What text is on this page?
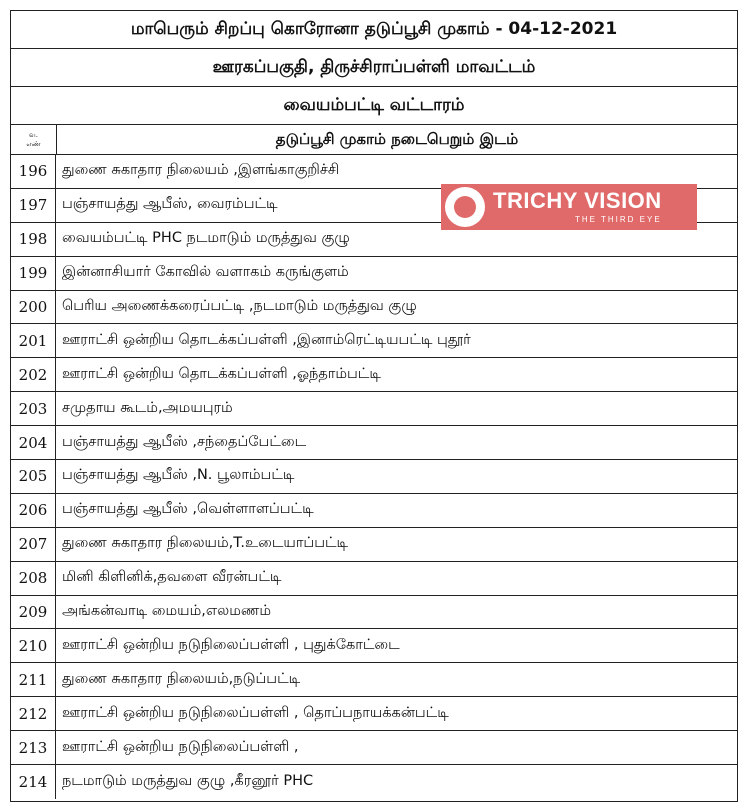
மாபெரும் சிறப்பு கொரோனா தடுப்பூசி முகாம் - 04-12-2021
ஊரகப்பகுதி, திருச்சிராப்பள்ளி மாவட்டம்
வையம்பட்டி வட்டாரம்
வ.
எண்	தடுப்பூசி முகாம் நடைபெறும் இடம்
196	துணை சுகாதார நிலையம் ,இளங்காகுறிச்சி
197	பஞ்சாயத்து ஆபீஸ், வைரம்பட்டி
198	வையம்பட்டி PHC நடமாடும் மருத்துவ குழு
199	இன்னாசியார் கோவில் வளாகம் கருங்குளம்
200	பெரிய அணைக்கரைப்பட்டி ,நடமாடும் மருத்துவ குழு
201	ஊராட்சி ஒன்றிய தொடக்கப்பள்ளி ,இனாம்ரெட்டியபட்டி புதூர்
202	ஊராட்சி ஒன்றிய தொடக்கப்பள்ளி ,ஓந்தாம்பட்டி
203	சமுதாய கூடம்,அமயபுரம்
204	பஞ்சாயத்து ஆபீஸ் ,சந்தைப்பேட்டை
205	பஞ்சாயத்து ஆபீஸ் ,N. பூலாம்பட்டி
206	பஞ்சாயத்து ஆபீஸ் ,வெள்ளாளப்பட்டி
207	துணை சுகாதார நிலையம்,T.உடையாப்பட்டி
208	மினி கிளினிக்,தவளை வீரன்பட்டி
209	அங்கன்வாடி மையம்,எலமணம்
210	ஊராட்சி ஒன்றிய நடுநிலைப்பள்ளி , புதுக்கோட்டை
211	துணை சுகாதார நிலையம்,நடுப்பட்டி
212	ஊராட்சி ஒன்றிய நடுநிலைப்பள்ளி , தொப்பநாயக்கன்பட்டி
213	ஊராட்சி ஒன்றிய நடுநிலைப்பள்ளி ,
214	நடமாடும் மருத்துவ குழு ,கீரனூர் PHC
TRICHY VISION
THE THIRD EYE
